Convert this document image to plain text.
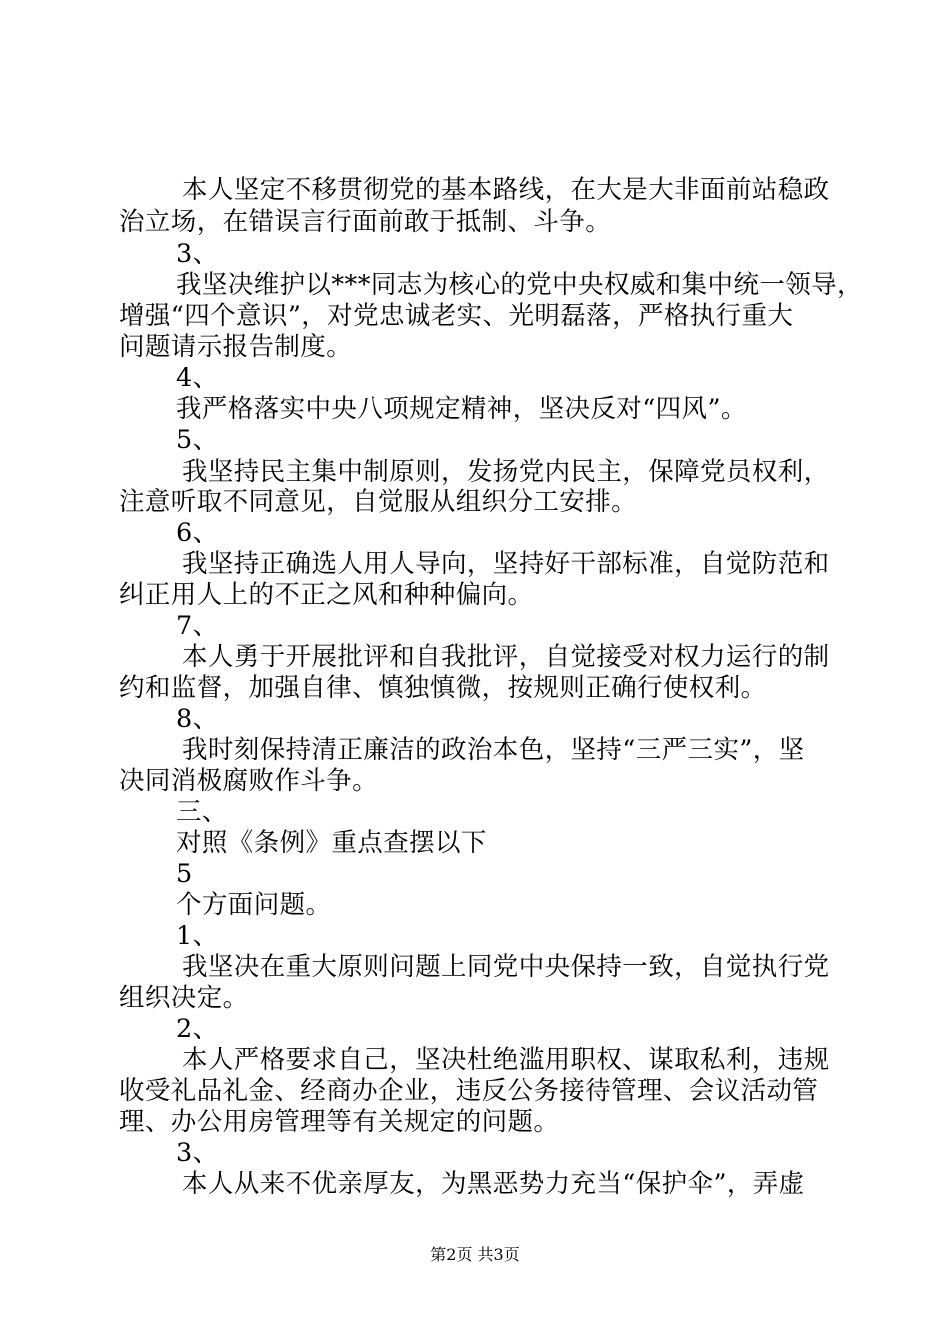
本人坚定不移贯彻党的基本路线，在大是大非面前站稳政
治立场，在错误言行面前敢于抵制、斗争。
3、
我坚决维护以***同志为核心的党中央权威和集中统一领导，
增强“四个意识”，对党忠诚老实、光明磊落，严格执行重大
问题请示报告制度。
4、
我严格落实中央八项规定精神，坚决反对“四风”。
5、
我坚持民主集中制原则，发扬党内民主，保障党员权利，
注意听取不同意见，自觉服从组织分工安排。
6、
我坚持正确选人用人导向，坚持好干部标准，自觉防范和
纠正用人上的不正之风和种种偏向。
7、
本人勇于开展批评和自我批评，自觉接受对权力运行的制
约和监督，加强自律、慎独慎微，按规则正确行使权利。
8、
我时刻保持清正廉洁的政治本色，坚持“三严三实”，坚
决同消极腐败作斗争。
三、
对照《条例》重点查摆以下
5
个方面问题。
1、
我坚决在重大原则问题上同党中央保持一致，自觉执行党
组织决定。
2、
本人严格要求自己，坚决杜绝滥用职权、谋取私利，违规
收受礼品礼金、经商办企业，违反公务接待管理、会议活动管
理、办公用房管理等有关规定的问题。
3、
本人从来不优亲厚友，为黑恶势力充当“保护伞”，弄虚
第2页 共3页
